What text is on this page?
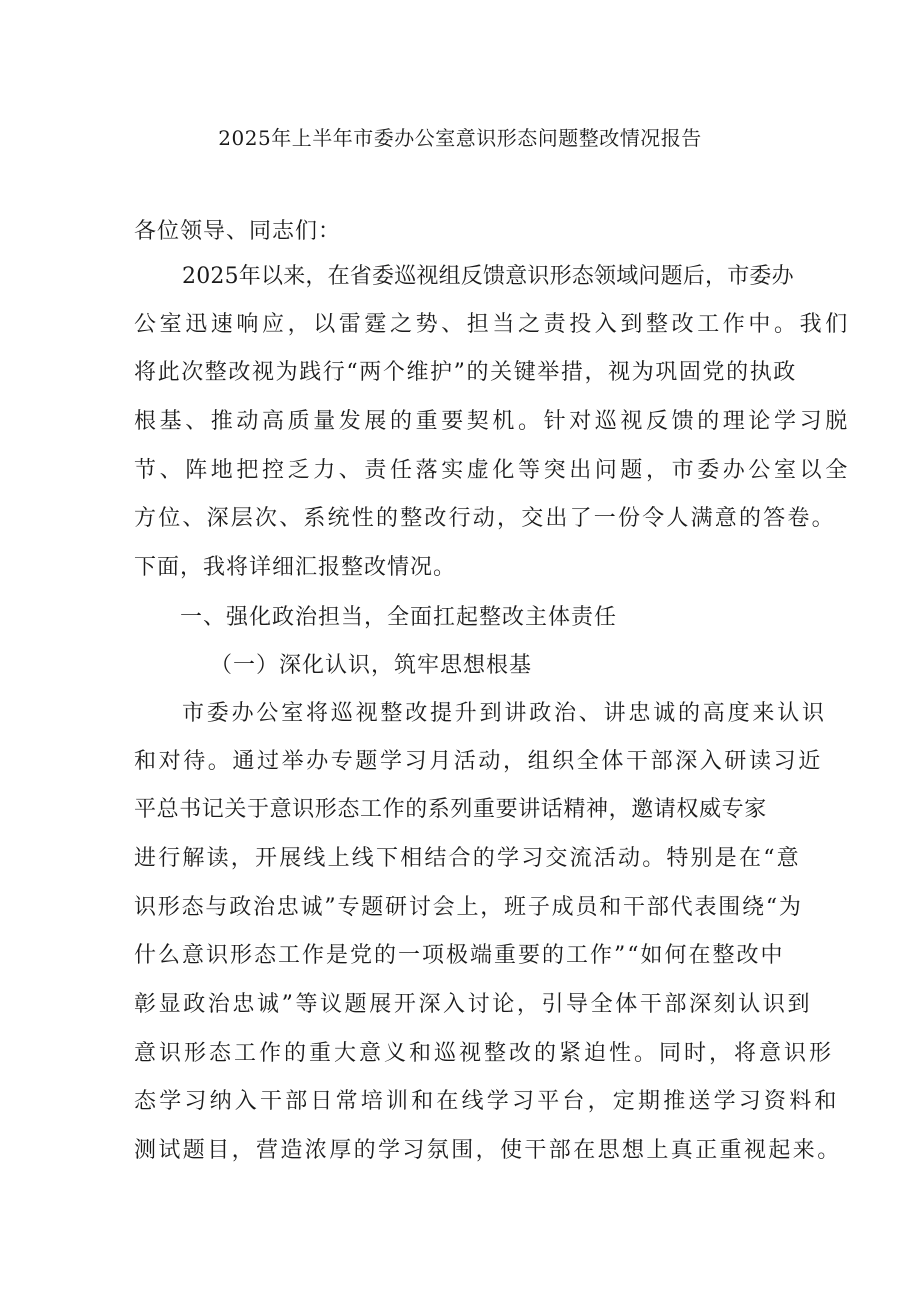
2025年上半年市委办公室意识形态问题整改情况报告
各位领导、同志们：
2025年以来，在省委巡视组反馈意识形态领域问题后，市委办
公室迅速响应，以雷霆之势、担当之责投入到整改工作中。我们
将此次整改视为践行“两个维护”的关键举措，视为巩固党的执政
根基、推动高质量发展的重要契机。针对巡视反馈的理论学习脱
节、阵地把控乏力、责任落实虚化等突出问题，市委办公室以全
方位、深层次、系统性的整改行动，交出了一份令人满意的答卷。
下面，我将详细汇报整改情况。
一、强化政治担当，全面扛起整改主体责任
（一）深化认识，筑牢思想根基
市委办公室将巡视整改提升到讲政治、讲忠诚的高度来认识
和对待。通过举办专题学习月活动，组织全体干部深入研读习近
平总书记关于意识形态工作的系列重要讲话精神，邀请权威专家
进行解读，开展线上线下相结合的学习交流活动。特别是在“意
识形态与政治忠诚”专题研讨会上，班子成员和干部代表围绕“为
什么意识形态工作是党的一项极端重要的工作”“如何在整改中
彰显政治忠诚”等议题展开深入讨论，引导全体干部深刻认识到
意识形态工作的重大意义和巡视整改的紧迫性。同时，将意识形
态学习纳入干部日常培训和在线学习平台，定期推送学习资料和
测试题目，营造浓厚的学习氛围，使干部在思想上真正重视起来。
